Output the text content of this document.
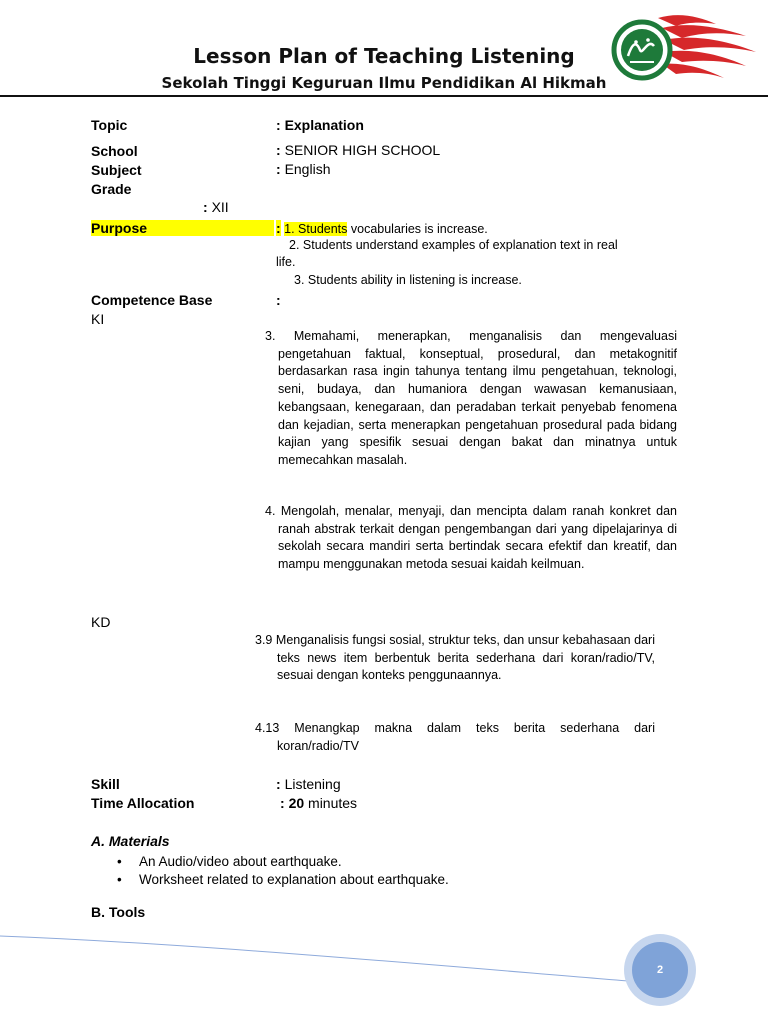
Lesson Plan of Teaching Listening
Sekolah Tinggi Keguruan Ilmu Pendidikan Al Hikmah
Topic	: Explanation
School	: SENIOR HIGH SCHOOL
Subject	: English
Grade
: XII
Purpose	: 1. Students vocabularies is increase.
2. Students understand examples of explanation text in real
life.
3. Students ability in listening is increase.
Competence Base	:
KI
3. Memahami, menerapkan, menganalisis dan mengevaluasi pengetahuan faktual, konseptual, prosedural, dan metakognitif berdasarkan rasa ingin tahunya tentang ilmu pengetahuan, teknologi, seni, budaya, dan humaniora dengan wawasan kemanusiaan, kebangsaan, kenegaraan, dan peradaban terkait penyebab fenomena dan kejadian, serta menerapkan pengetahuan prosedural pada bidang kajian yang spesifik sesuai dengan bakat dan minatnya untuk memecahkan masalah.
4. Mengolah, menalar, menyaji, dan mencipta dalam ranah konkret dan ranah abstrak terkait dengan pengembangan dari yang dipelajarinya di sekolah secara mandiri serta bertindak secara efektif dan kreatif, dan mampu menggunakan metoda sesuai kaidah keilmuan.
KD
3.9 Menganalisis fungsi sosial, struktur teks, dan unsur kebahasaan dari teks news item berbentuk berita sederhana dari koran/radio/TV, sesuai dengan konteks penggunaannya.
4.13 Menangkap makna dalam teks berita sederhana dari koran/radio/TV
Skill	: Listening
Time Allocation	: 20 minutes
A. Materials
• An Audio/video about earthquake.
• Worksheet related to explanation about earthquake.
B. Tools
2
